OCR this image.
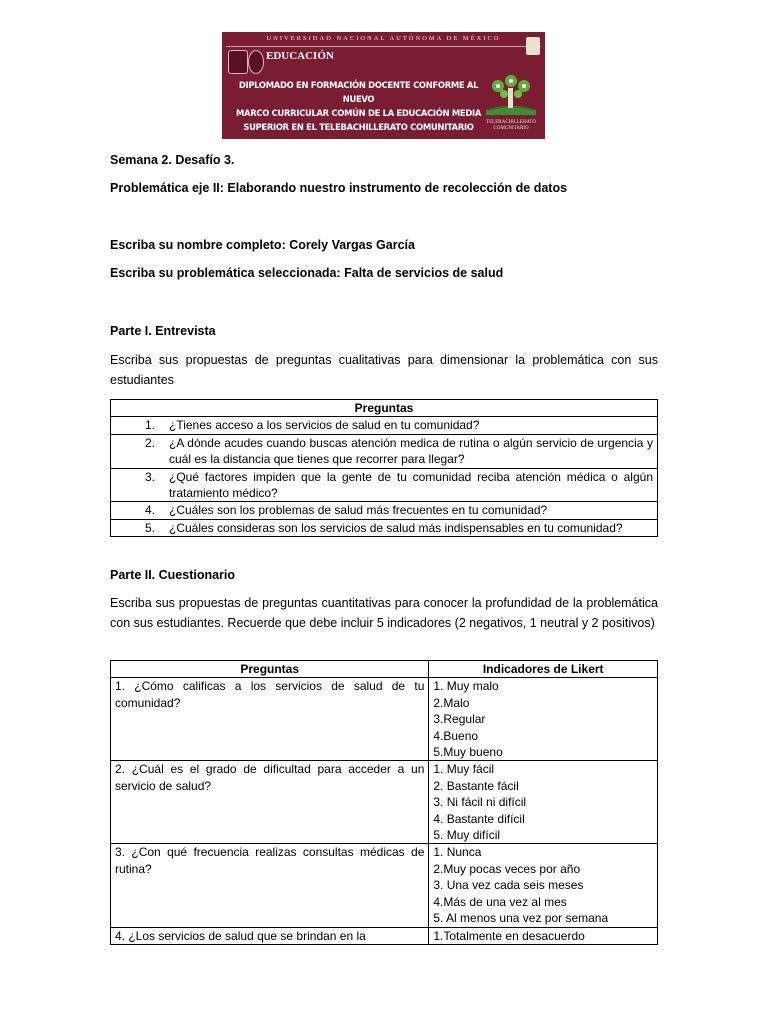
UNIVERSIDAD NACIONAL AUTÓNOMA DE MÉXICO
EDUCACIÓN
DIPLOMADO EN FORMACIÓN DOCENTE CONFORME AL NUEVO
MARCO CURRICULAR COMÚN DE LA EDUCACIÓN MEDIA
SUPERIOR EN EL TELEBACHILLERATO COMUNITARIO	TELEBACHILLERATO COMUNITARIO
Semana 2. Desafío 3.
Problemática eje II: Elaborando nuestro instrumento de recolección de datos
Escriba su nombre completo: Corely Vargas García
Escriba su problemática seleccionada: Falta de servicios de salud
Parte I. Entrevista
Escriba sus propuestas de preguntas cualitativas para dimensionar la problemática con sus estudiantes
Preguntas	
1.	¿Tienes acceso a los servicios de salud en tu comunidad?
2.	¿A dónde acudes cuando buscas atención medica de rutina o algún servicio de urgencia y cuál es la distancia que tienes que recorrer para llegar?
3.	¿Qué factores impiden que la gente de tu comunidad reciba atención médica o algún tratamiento médico?
4.	¿Cuáles son los problemas de salud más frecuentes en tu comunidad?
5.	¿Cuáles consideras son los servicios de salud más indispensables en tu comunidad?
Parte II. Cuestionario
Escriba sus propuestas de preguntas cuantitativas para conocer la profundidad de la problemática con sus estudiantes. Recuerde que debe incluir 5 indicadores (2 negativos, 1 neutral y 2 positivos)
Preguntas	Indicadores de Likert
1. ¿Cómo calificas a los servicios de salud de tu comunidad?	1. Muy malo
2.Malo
3.Regular
4.Bueno
5.Muy bueno

2. ¿Cuál es el grado de dificultad para acceder a un servicio de salud?	1. Muy fácil
2. Bastante fácil
3. Ni fácil ni difícil
4. Bastante difícil
5. Muy difícil

3. ¿Con qué frecuencia realizas consultas médicas de rutina?	1. Nunca
2.Muy pocas veces por año
3. Una vez cada seis meses
4.Más de una vez al mes
5. Al menos una vez por semana

4. ¿Los servicios de salud que se brindan en la	1.Totalmente en desacuerdo
